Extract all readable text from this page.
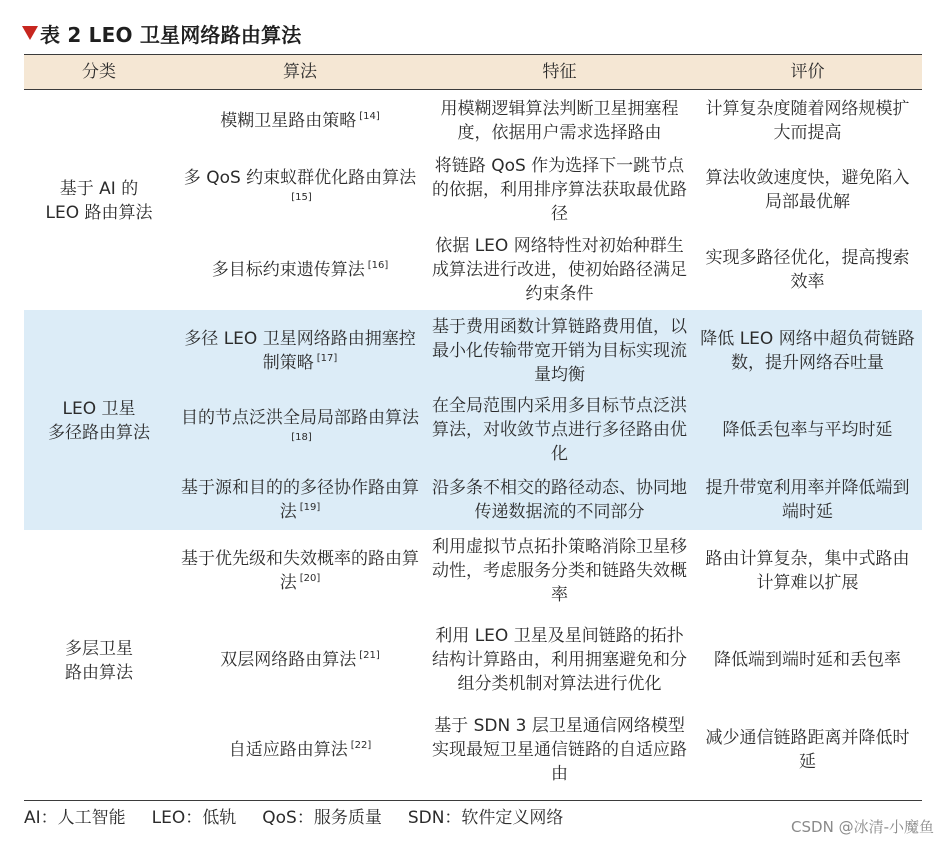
表 2 LEO 卫星网络路由算法
分类	算法	特征	评价
基于 AI 的
LEO 路由算法	模糊卫星路由策略 [14]	用模糊逻辑算法判断卫星拥塞程度，依据用户需求选择路由	计算复杂度随着网络规模扩大而提高
	多 QoS 约束蚁群优化路由算法[15]	将链路 QoS 作为选择下一跳节点的依据，利用排序算法获取最优路径	算法收敛速度快，避免陷入局部最优解
	多目标约束遗传算法 [16]	依据 LEO 网络特性对初始种群生成算法进行改进，使初始路径满足约束条件	实现多路径优化，提高搜索效率
LEO 卫星
多径路由算法	多径 LEO 卫星网络路由拥塞控制策略 [17]	基于费用函数计算链路费用值，以最小化传输带宽开销为目标实现流量均衡	降低 LEO 网络中超负荷链路数，提升网络吞吐量
	目的节点泛洪全局局部路由算法[18]	在全局范围内采用多目标节点泛洪算法，对收敛节点进行多径路由优化	降低丢包率与平均时延
	基于源和目的的多径协作路由算法 [19]	沿多条不相交的路径动态、协同地传递数据流的不同部分	提升带宽利用率并降低端到端时延
多层卫星
路由算法	基于优先级和失效概率的路由算法 [20]	利用虚拟节点拓扑策略消除卫星移动性，考虑服务分类和链路失效概率	路由计算复杂，集中式路由计算难以扩展
	双层网络路由算法 [21]	利用 LEO 卫星及星间链路的拓扑结构计算路由，利用拥塞避免和分组分类机制对算法进行优化	降低端到端时延和丢包率
	自适应路由算法 [22]	基于 SDN 3 层卫星通信网络模型实现最短卫星通信链路的自适应路由	减少通信链路距离并降低时延
AI：人工智能 LEO：低轨 QoS：服务质量 SDN：软件定义网络	CSDN @冰清-小魔鱼
